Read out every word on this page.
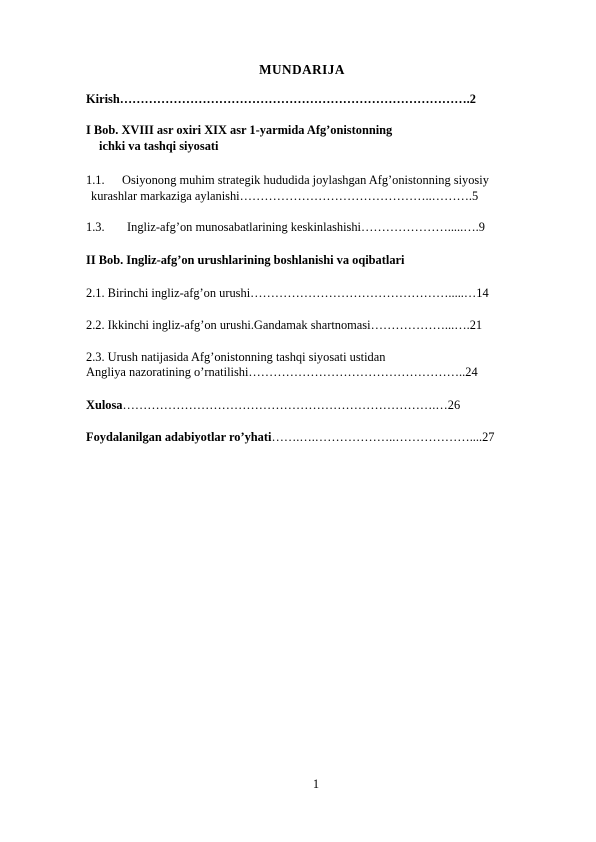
MUNDARIJA
Kirish………………………………………………………………………….2
I Bob. XVIII asr oxiri XIX asr 1-yarmida Afg’onistonning
ichki va tashqi siyosati
1.1. Osiyonong muhim strategik hududida joylashgan Afg’onistonning siyosiy
kurashlar markaziga aylanishi………………………………………..……….5
1.3. Ingliz-afg’on munosabatlarining keskinlashishi………………….....….9
II Bob. Ingliz-afg’on urushlarining boshlanishi va oqibatlari
2.1. Birinchi ingliz-afg’on urushi………………………………………….....…14
2.2. Ikkinchi ingliz-afg’on urushi.Gandamak shartnomasi………………...….21
2.3. Urush natijasida Afg’onistonning tashqi siyosati ustidan
Angliya nazoratining o’rnatilishi……………………………………………..24
Xulosa………………………………………………………………….…26
Foydalanilgan adabiyotlar ro’yhati…….….………………..………………....27
1
